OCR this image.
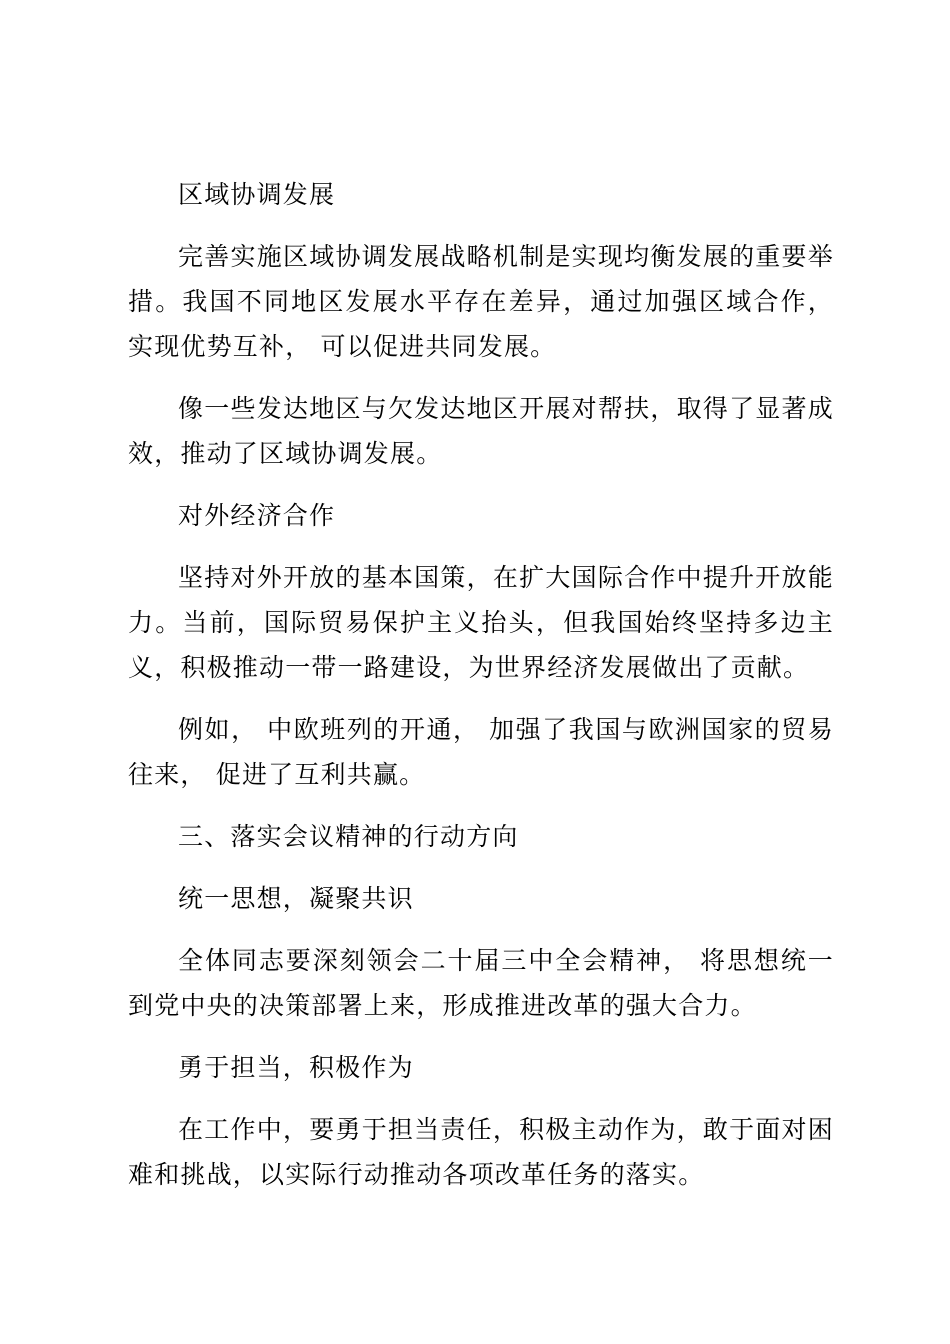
区域协调发展

完善实施区域协调发展战略机制是实现均衡发展的重要举措。我国不同地区发展水平存在差异，通过加强区域合作，实现优势互补， 可以促进共同发展。

像一些发达地区与欠发达地区开展对帮扶，取得了显著成效，推动了区域协调发展。

对外经济合作

坚持对外开放的基本国策，在扩大国际合作中提升开放能力。当前，国际贸易保护主义抬头，但我国始终坚持多边主义，积极推动一带一路建设，为世界经济发展做出了贡献。

例如， 中欧班列的开通， 加强了我国与欧洲国家的贸易往来， 促进了互利共赢。

三、落实会议精神的行动方向

统一思想，凝聚共识

全体同志要深刻领会二十届三中全会精神， 将思想统一到党中央的决策部署上来，形成推进改革的强大合力。

勇于担当，积极作为

在工作中，要勇于担当责任，积极主动作为，敢于面对困难和挑战，以实际行动推动各项改革任务的落实。
